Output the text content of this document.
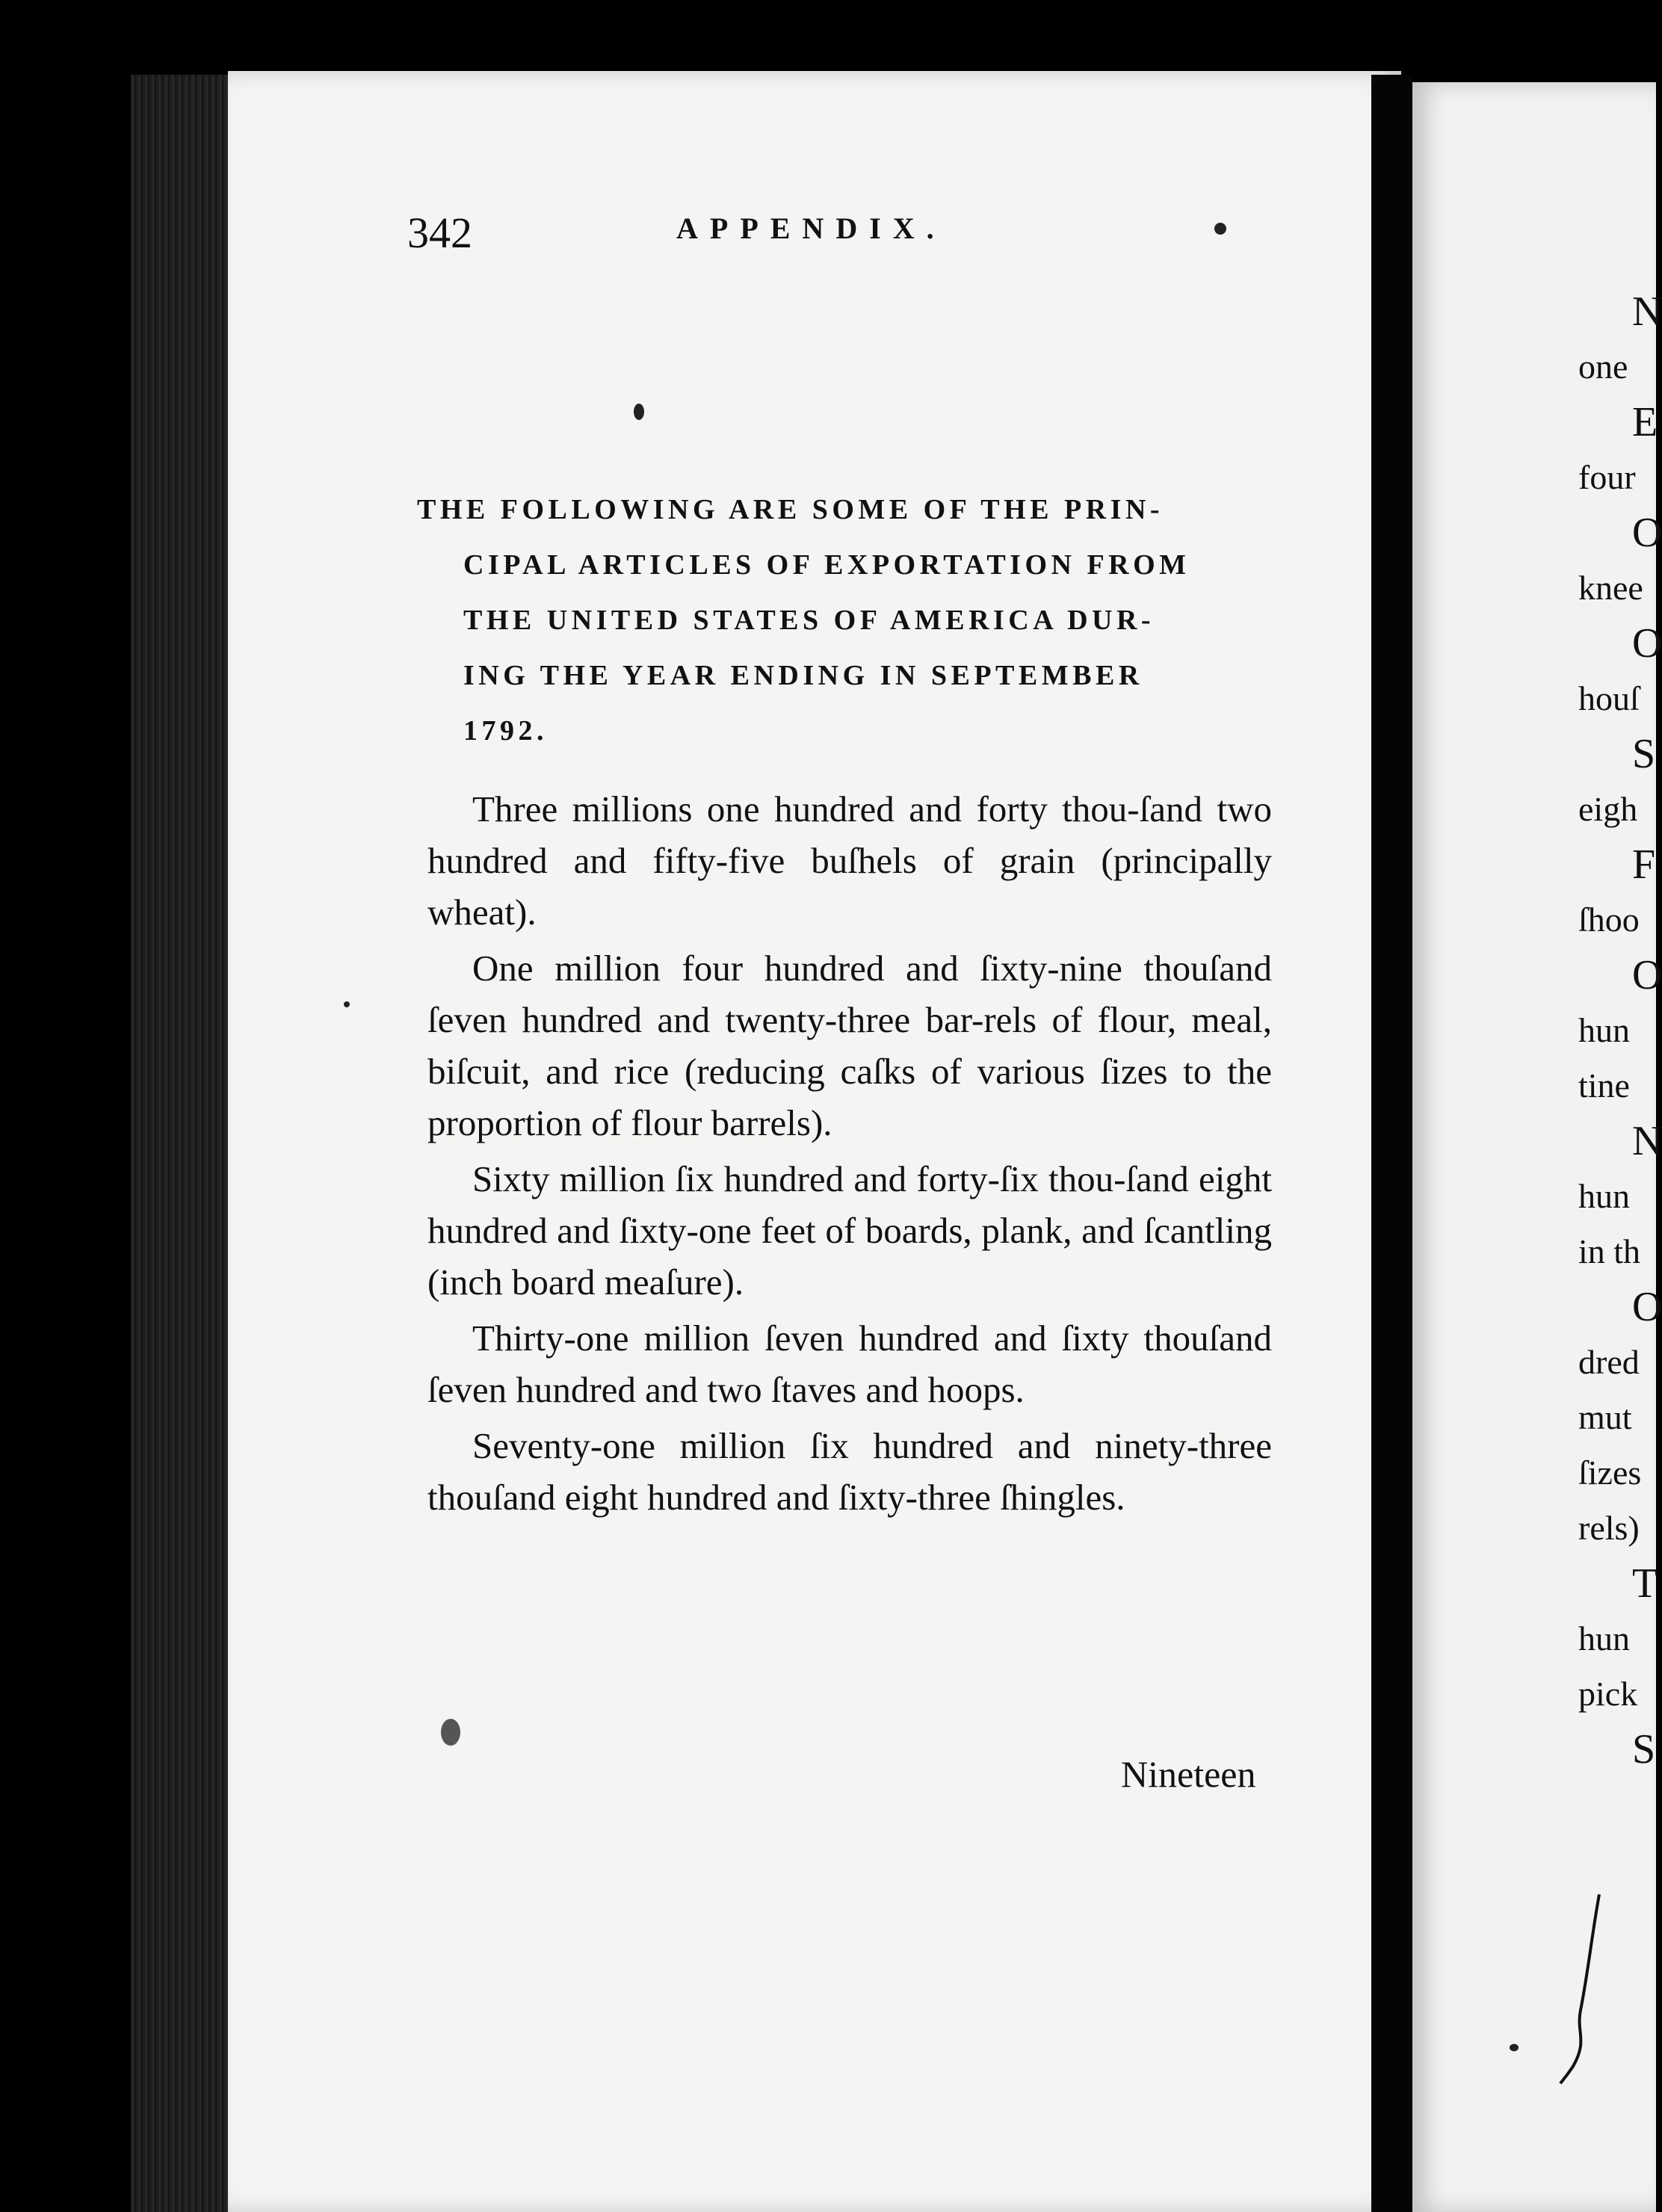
342	APPENDIX.
THE FOLLOWING ARE SOME OF THE PRIN-
CIPAL ARTICLES OF EXPORTATION FROM
THE UNITED STATES OF AMERICA DUR-
ING THE YEAR ENDING IN SEPTEMBER
1792.

Three millions one hundred and forty thou-ſand two hundred and fifty-five buſhels of grain (principally wheat).

One million four hundred and ſixty-nine thouſand ſeven hundred and twenty-three bar-rels of flour, meal, biſcuit, and rice (reducing caſks of various ſizes to the proportion of flour barrels).

Sixty million ſix hundred and forty-ſix thou-ſand eight hundred and ſixty-one feet of boards, plank, and ſcantling (inch board meaſure).

Thirty-one million ſeven hundred and ſixty thouſand ſeven hundred and two ſtaves and hoops.

Seventy-one million ſix hundred and ninety-three thouſand eight hundred and ſixty-three ſhingles.

Nineteen
N
one
E
four
O
knee
O
houſ
S
eigh
F
ſhoo
O
hun
tine
N
hun
in th
O
dred
mut
ſizes
rels)
T
hun
pick
S
